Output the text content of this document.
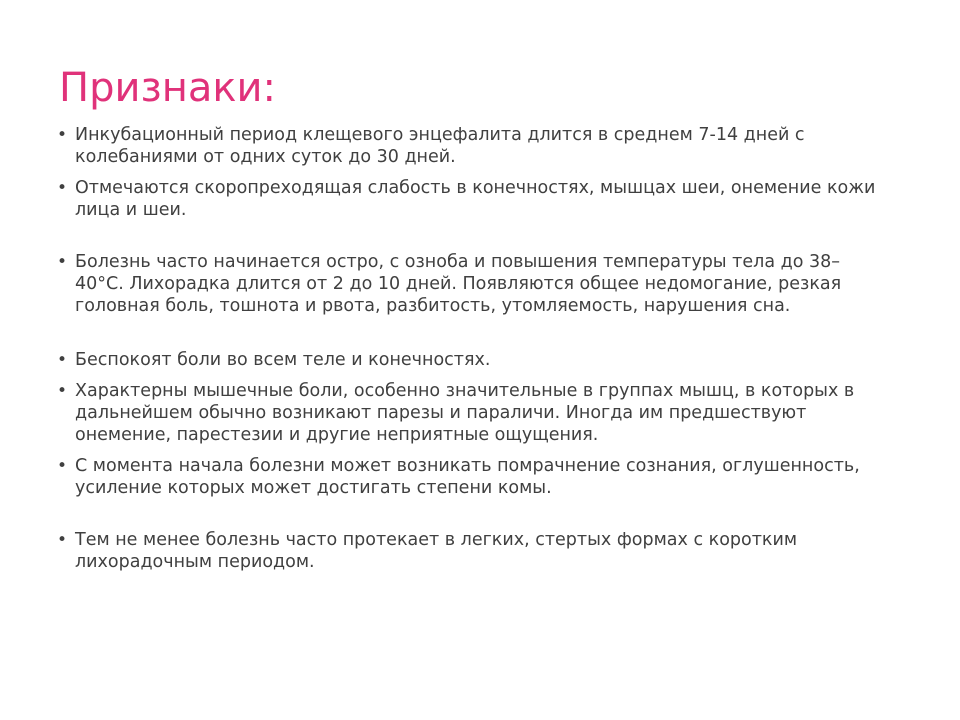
Признаки:
• Инкубационный период клещевого энцефалита длится в среднем 7-14 дней с колебаниями от одних суток до 30 дней.
• Отмечаются скоропреходящая слабость в конечностях, мышцах шеи, онемение кожи лица и шеи.
• Болезнь часто начинается остро, с озноба и повышения температуры тела до 38–40°С. Лихорадка длится от 2 до 10 дней. Появляются общее недомогание, резкая головная боль, тошнота и рвота, разбитость, утомляемость, нарушения сна.
• Беспокоят боли во всем теле и конечностях.
• Характерны мышечные боли, особенно значительные в группах мышц, в которых в дальнейшем обычно возникают парезы и параличи. Иногда им предшествуют онемение, парестезии и другие неприятные ощущения.
• С момента начала болезни может возникать помрачнение сознания, оглушенность, усиление которых может достигать степени комы.
• Тем не менее болезнь часто протекает в легких, стертых формах с коротким лихорадочным периодом.
